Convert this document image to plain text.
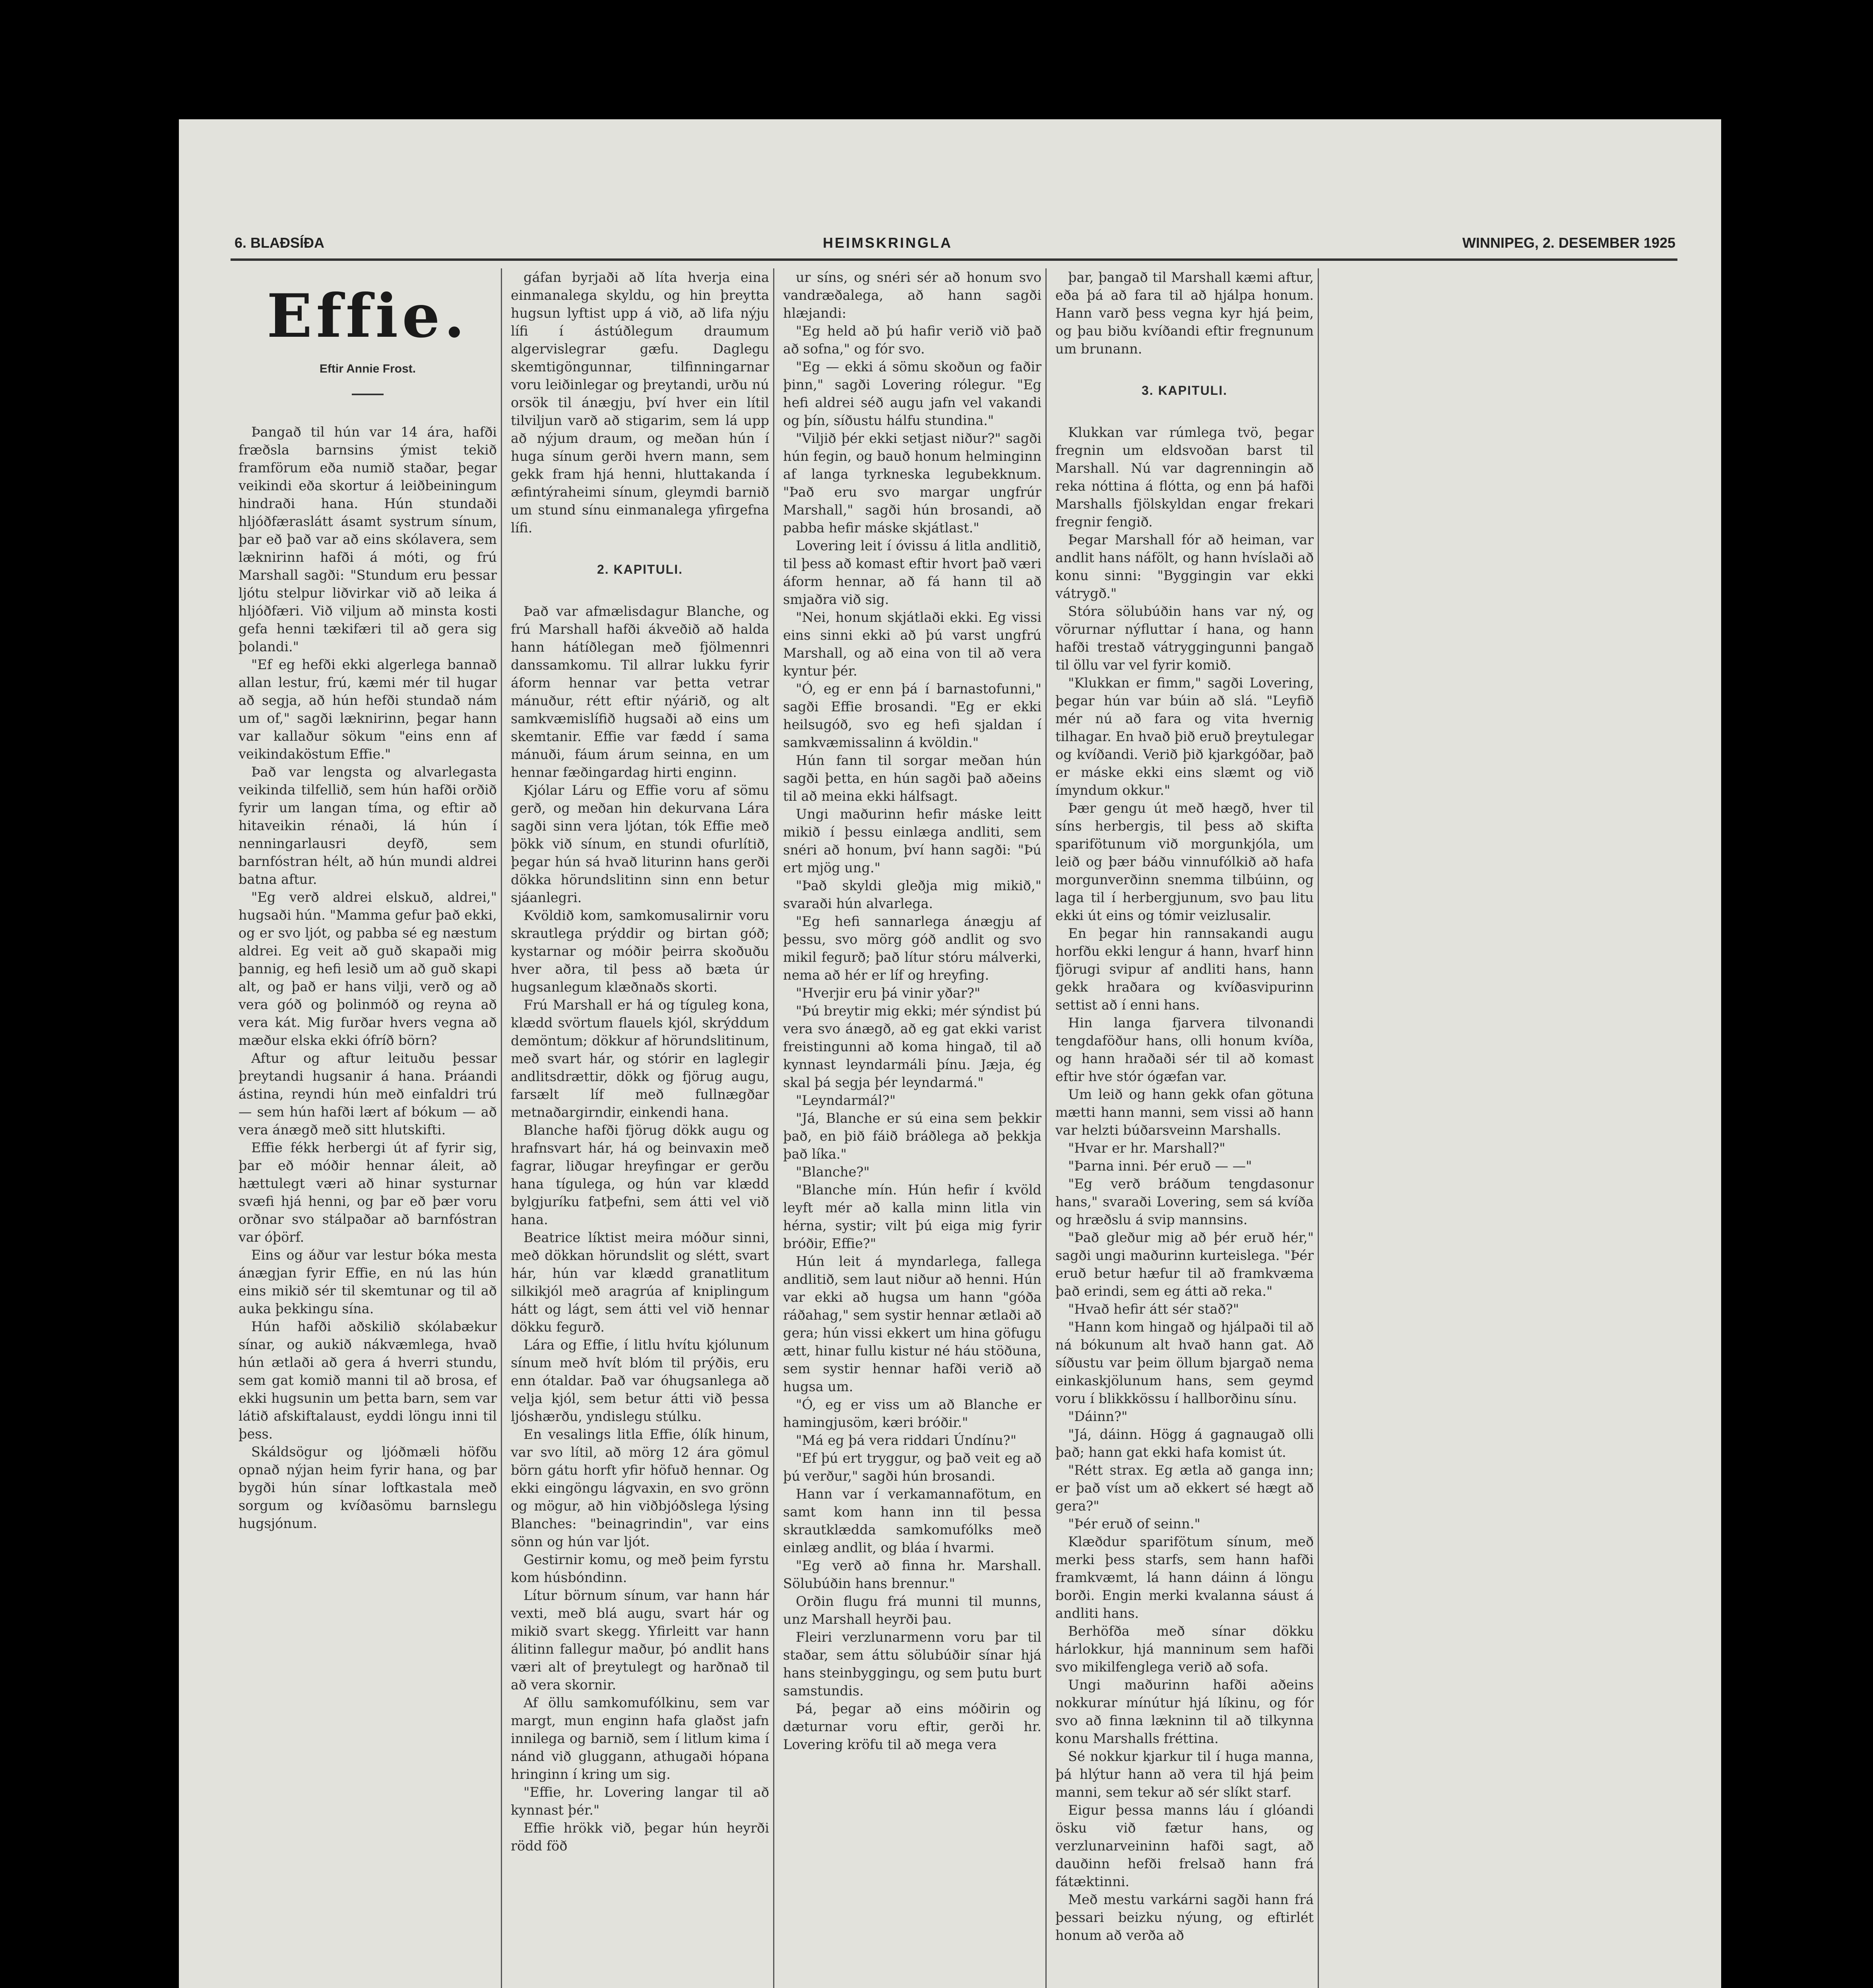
6. BLAÐSÍÐA	HEIMSKRINGLA	WINNIPEG, 2. DESEMBER 1925
Effie.
Eftir Annie Frost.

Þangað til hún var 14 ára, hafði fræðsla barnsins ýmist tekið framförum eða numið staðar, þegar veikindi eða skortur á leiðbeiningum hindraði hana. Hún stundaði hljóðfæraslátt ásamt systrum sínum, þar eð það var að eins skólavera, sem læknirinn hafði á móti, og frú Marshall sagði: "Stundum eru þessar ljótu stelpur liðvirkar við að leika á hljóðfæri. Við viljum að minsta kosti gefa henni tækifæri til að gera sig þolandi."

"Ef eg hefði ekki algerlega bannað allan lestur, frú, kæmi mér til hugar að segja, að hún hefði stundað nám um of," sagði læknirinn, þegar hann var kallaður sökum "eins enn af veikindaköstum Effie."

Það var lengsta og alvarlegasta veikinda tilfellið, sem hún hafði orðið fyrir um langan tíma, og eftir að hitaveikin rénaði, lá hún í nenningarlausri deyfð, sem barnfóstran hélt, að hún mundi aldrei batna aftur.

"Eg verð aldrei elskuð, aldrei," hugsaði hún. "Mamma gefur það ekki, og er svo ljót, og pabba sé eg næstum aldrei. Eg veit að guð skapaði mig þannig, eg hefi lesið um að guð skapi alt, og það er hans vilji, verð og að vera góð og þolinmóð og reyna að vera kát. Mig furðar hvers vegna að mæður elska ekki ófríð börn?

Aftur og aftur leituðu þessar þreytandi hugsanir á hana. Þráandi ástina, reyndi hún með einfaldri trú — sem hún hafði lært af bókum — að vera ánægð með sitt hlutskifti.

Effie fékk herbergi út af fyrir sig, þar eð móðir hennar áleit, að hættulegt væri að hinar systurnar svæfi hjá henni, og þar eð þær voru orðnar svo stálpaðar að barnfóstran var óþörf.

Eins og áður var lestur bóka mesta ánægjan fyrir Effie, en nú las hún eins mikið sér til skemtunar og til að auka þekkingu sína.

Hún hafði aðskilið skólabækur sínar, og aukið nákvæmlega, hvað hún ætlaði að gera á hverri stundu, sem gat komið manni til að brosa, ef ekki hugsunin um þetta barn, sem var látið afskiftalaust, eyddi löngu inni til þess.

Skáldsögur og ljóðmæli höfðu opnað nýjan heim fyrir hana, og þar bygði hún sínar loftkastala með sorgum og kvíðasömu barnslegu hugsjónum.

gáfan byrjaði að líta hverja eina einmanalega skyldu, og hin þreytta hugsun lyftist upp á við, að lifa nýju lífi í ástúðlegum draumum algervislegrar gæfu. Daglegu skemtigöngunnar, tilfinningarnar voru leiðinlegar og þreytandi, urðu nú orsök til ánægju, því hver ein lítil tilviljun varð að stigarim, sem lá upp að nýjum draum, og meðan hún í huga sínum gerði hvern mann, sem gekk fram hjá henni, hluttakanda í æfintýraheimi sínum, gleymdi barnið um stund sínu einmanalega yfirgefna lífi.

2. KAPITULI.

Það var afmælisdagur Blanche, og frú Marshall hafði ákveðið að halda hann hátíðlegan með fjölmennri danssamkomu. Til allrar lukku fyrir áform hennar var þetta vetrar mánuður, rétt eftir nýárið, og alt samkvæmislífið hugsaði að eins um skemtanir. Effie var fædd í sama mánuði, fáum árum seinna, en um hennar fæðingardag hirti enginn.

Kjólar Láru og Effie voru af sömu gerð, og meðan hin dekurvana Lára sagði sinn vera ljótan, tók Effie með þökk við sínum, en stundi ofurlítið, þegar hún sá hvað liturinn hans gerði dökka hörundslitinn sinn enn betur sjáanlegri.

Kvöldið kom, samkomusalirnir voru skrautlega prýddir og birtan góð; kystarnar og móðir þeirra skoðuðu hver aðra, til þess að bæta úr hugsanlegum klæðnaðs skorti.

Frú Marshall er há og tíguleg kona, klædd svörtum flauels kjól, skrýddum demöntum; dökkur af hörundslitinum, með svart hár, og stórir en laglegir andlitsdrættir, dökk og fjörug augu, farsælt líf með fullnægðar metnaðargirndir, einkendi hana.

Blanche hafði fjörug dökk augu og hrafnsvart hár, há og beinvaxin með fagrar, liðugar hreyfingar er gerðu hana tígulega, og hún var klædd bylgjuríku fatþefni, sem átti vel við hana.

Beatrice líktist meira móður sinni, með dökkan hörundslit og slétt, svart hár, hún var klædd granatlitum silkikjól með aragrúa af kniplingum hátt og lágt, sem átti vel við hennar dökku fegurð.

Lára og Effie, í litlu hvítu kjólunum sínum með hvít blóm til prýðis, eru enn ótaldar. Það var óhugsanlega að velja kjól, sem betur átti við þessa ljóshærðu, yndislegu stúlku.

En vesalings litla Effie, ólík hinum, var svo lítil, að mörg 12 ára gömul börn gátu horft yfir höfuð hennar. Og ekki eingöngu lágvaxin, en svo grönn og mögur, að hin viðbjóðslega lýsing Blanches: "beinagrindin", var eins sönn og hún var ljót.

Gestirnir komu, og með þeim fyrstu kom húsbóndinn.

Lítur börnum sínum, var hann hár vexti, með blá augu, svart hár og mikið svart skegg. Yfirleitt var hann álitinn fallegur maður, þó andlit hans væri alt of þreytulegt og harðnað til að vera skornir.

Af öllu samkomufólkinu, sem var margt, mun enginn hafa glaðst jafn innilega og barnið, sem í litlum kima í nánd við gluggann, athugaði hópana hringinn í kring um sig.

"Effie, hr. Lovering langar til að kynnast þér."

Effie hrökk við, þegar hún heyrði rödd föð

ur síns, og snéri sér að honum svo vandræðalega, að hann sagði hlæjandi:

"Eg held að þú hafir verið við það að sofna," og fór svo.

"Eg — ekki á sömu skoðun og faðir þinn," sagði Lovering rólegur. "Eg hefi aldrei séð augu jafn vel vakandi og þín, síðustu hálfu stundina."

"Viljið þér ekki setjast niður?" sagði hún fegin, og bauð honum helminginn af langa tyrkneska legubekknum. "Það eru svo margar ungfrúr Marshall," sagði hún brosandi, að pabba hefir máske skjátlast."

Lovering leit í óvissu á litla andlitið, til þess að komast eftir hvort það væri áform hennar, að fá hann til að smjaðra við sig.

"Nei, honum skjátlaði ekki. Eg vissi eins sinni ekki að þú varst ungfrú Marshall, og að eina von til að vera kyntur þér.

"Ó, eg er enn þá í barnastofunni," sagði Effie brosandi. "Eg er ekki heilsugóð, svo eg hefi sjaldan í samkvæmissalinn á kvöldin."

Hún fann til sorgar meðan hún sagði þetta, en hún sagði það aðeins til að meina ekki hálfsagt.

Ungi maðurinn hefir máske leitt mikið í þessu einlæga andliti, sem snéri að honum, því hann sagði: "Þú ert mjög ung."

"Það skyldi gleðja mig mikið," svaraði hún alvarlega.

"Eg hefi sannarlega ánægju af þessu, svo mörg góð andlit og svo mikil fegurð; það lítur stóru málverki, nema að hér er líf og hreyfing.

"Hverjir eru þá vinir yðar?"

"Þú breytir mig ekki; mér sýndist þú vera svo ánægð, að eg gat ekki varist freistingunni að koma hingað, til að kynnast leyndarmáli þínu. Jæja, ég skal þá segja þér leyndarmá."

"Leyndarmál?"

"Já, Blanche er sú eina sem þekkir það, en þið fáið bráðlega að þekkja það líka."

"Blanche?"

"Blanche mín. Hún hefir í kvöld leyft mér að kalla minn litla vin hérna, systir; vilt þú eiga mig fyrir bróðir, Effie?"

Hún leit á myndarlega, fallega andlitið, sem laut niður að henni. Hún var ekki að hugsa um hann "góða ráðahag," sem systir hennar ætlaði að gera; hún vissi ekkert um hina göfugu ætt, hinar fullu kistur né háu stöðuna, sem systir hennar hafði verið að hugsa um.

"Ó, eg er viss um að Blanche er hamingjusöm, kæri bróðir."

"Má eg þá vera riddari Úndínu?"

"Ef þú ert tryggur, og það veit eg að þú verður," sagði hún brosandi.

Hann var í verkamannafötum, en samt kom hann inn til þessa skrautklædda samkomufólks með einlæg andlit, og bláa í hvarmi.

"Eg verð að finna hr. Marshall. Sölubúðin hans brennur."

Orðin flugu frá munni til munns, unz Marshall heyrði þau.

Fleiri verzlunarmenn voru þar til staðar, sem áttu sölubúðir sínar hjá hans steinbyggingu, og sem þutu burt samstundis.

Þá, þegar að eins móðirin og dæturnar voru eftir, gerði hr. Lovering kröfu til að mega vera

þar, þangað til Marshall kæmi aftur, eða þá að fara til að hjálpa honum. Hann varð þess vegna kyr hjá þeim, og þau biðu kvíðandi eftir fregnunum um brunann.

3. KAPITULI.

Klukkan var rúmlega tvö, þegar fregnin um eldsvoðan barst til Marshall. Nú var dagrenningin að reka nóttina á flótta, og enn þá hafði Marshalls fjölskyldan engar frekari fregnir fengið.

Þegar Marshall fór að heiman, var andlit hans náfölt, og hann hvíslaði að konu sinni: "Byggingin var ekki vátrygð."

Stóra sölubúðin hans var ný, og vörurnar nýfluttar í hana, og hann hafði trestað vátryggingunni þangað til öllu var vel fyrir komið.

"Klukkan er fimm," sagði Lovering, þegar hún var búin að slá. "Leyfið mér nú að fara og vita hvernig tilhagar. En hvað þið eruð þreytulegar og kvíðandi. Verið þið kjarkgóðar, það er máske ekki eins slæmt og við ímyndum okkur."

Þær gengu út með hægð, hver til síns herbergis, til þess að skifta sparifötunum við morgunkjóla, um leið og þær báðu vinnufólkið að hafa morgunverðinn snemma tilbúinn, og laga til í herbergjunum, svo þau litu ekki út eins og tómir veizlusalir.

En þegar hin rannsakandi augu horfðu ekki lengur á hann, hvarf hinn fjörugi svipur af andliti hans, hann gekk hraðara og kvíðasvipurinn settist að í enni hans.

Hin langa fjarvera tilvonandi tengdaföður hans, olli honum kvíða, og hann hraðaði sér til að komast eftir hve stór ógæfan var.

Um leið og hann gekk ofan götuna mætti hann manni, sem vissi að hann var helzti búðarsveinn Marshalls.

"Hvar er hr. Marshall?"

"Þarna inni. Þér eruð — —"

"Eg verð bráðum tengdasonur hans," svaraði Lovering, sem sá kvíða og hræðslu á svip mannsins.

"Það gleður mig að þér eruð hér," sagði ungi maðurinn kurteislega. "Þér eruð betur hæfur til að framkvæma það erindi, sem eg átti að reka."

"Hvað hefir átt sér stað?"

"Hann kom hingað og hjálpaði til að ná bókunum alt hvað hann gat. Að síðustu var þeim öllum bjargað nema einkaskjölunum hans, sem geymd voru í blikkkössu í hallborðinu sínu.

"Dáinn?"

"Já, dáinn. Högg á gagnaugað olli það; hann gat ekki hafa komist út.

"Rétt strax. Eg ætla að ganga inn; er það víst um að ekkert sé hægt að gera?"

"Þér eruð of seinn."

Klæðdur sparifötum sínum, með merki þess starfs, sem hann hafði framkvæmt, lá hann dáinn á löngu borði. Engin merki kvalanna sáust á andliti hans.

Berhöfða með sínar dökku hárlokkur, hjá manninum sem hafði svo mikilfenglega verið að sofa.

Ungi maðurinn hafði aðeins nokkurar mínútur hjá líkinu, og fór svo að finna lækninn til að tilkynna konu Marshalls fréttina.

Sé nokkur kjarkur til í huga manna, þá hlýtur hann að vera til hjá þeim manni, sem tekur að sér slíkt starf.

Eigur þessa manns láu í glóandi ösku við fætur hans, og verzlunarveininn hafði sagt, að dauðinn hefði frelsað hann frá fátæktinni.

Með mestu varkárni sagði hann frá þessari beizku nýung, og eftirlét honum að verða að
